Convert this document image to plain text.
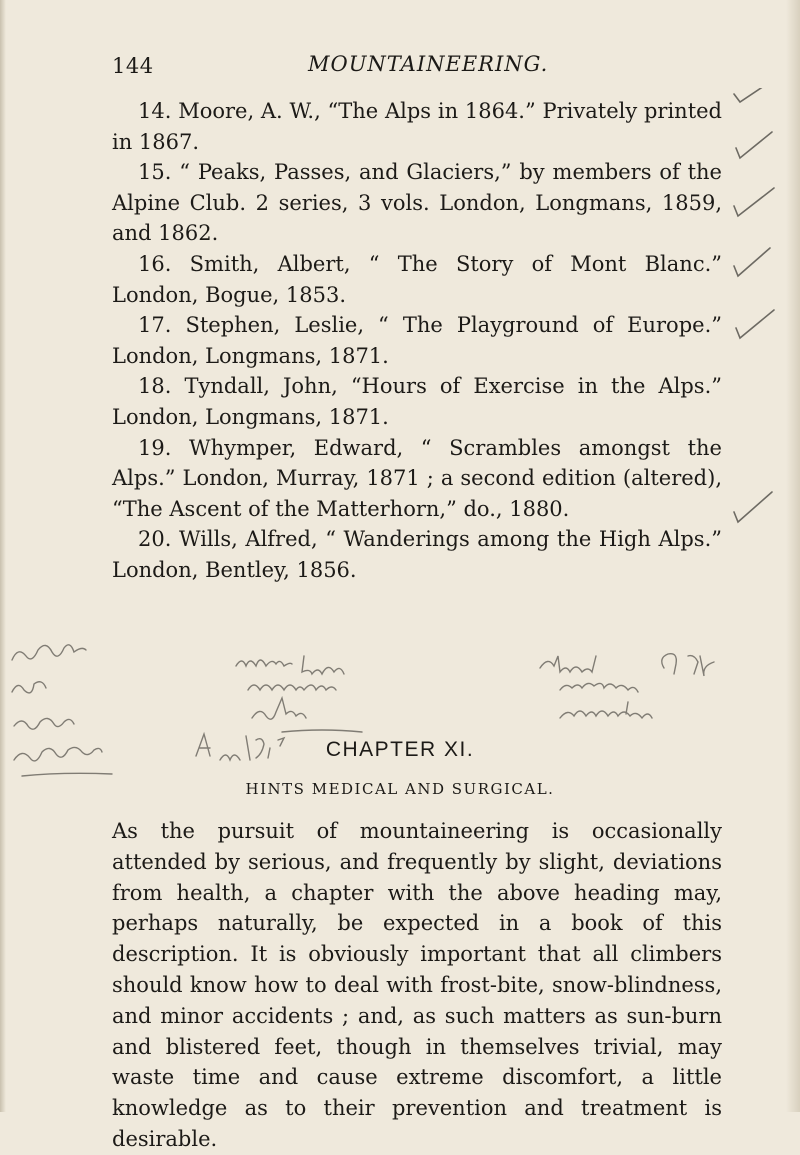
144	MOUNTAINEERING.

14. Moore, A. W., “The Alps in 1864.” Privately printed in 1867.

15. “ Peaks, Passes, and Glaciers,” by members of the Alpine Club. 2 series, 3 vols. London, Longmans, 1859, and 1862.

16. Smith, Albert, “ The Story of Mont Blanc.” London, Bogue, 1853.

17. Stephen, Leslie, “ The Playground of Europe.” London, Longmans, 1871.

18. Tyndall, John, “Hours of Exercise in the Alps.” London, Longmans, 1871.

19. Whymper, Edward, “ Scrambles amongst the Alps.” London, Murray, 1871 ; a second edition (altered), “The Ascent of the Matterhorn,” do., 1880.

20. Wills, Alfred, “ Wanderings among the High Alps.” London, Bentley, 1856.

CHAPTER XI.
HINTS MEDICAL AND SURGICAL.

As the pursuit of mountaineering is occasionally attended by serious, and frequently by slight, deviations from health, a chapter with the above heading may, perhaps naturally, be expected in a book of this description. It is obviously important that all climbers should know how to deal with frost-bite, snow-blindness, and minor accidents ; and, as such matters as sun-burn and blistered feet, though in themselves trivial, may waste time and cause extreme discomfort, a little knowledge as to their prevention and treatment is desirable.
